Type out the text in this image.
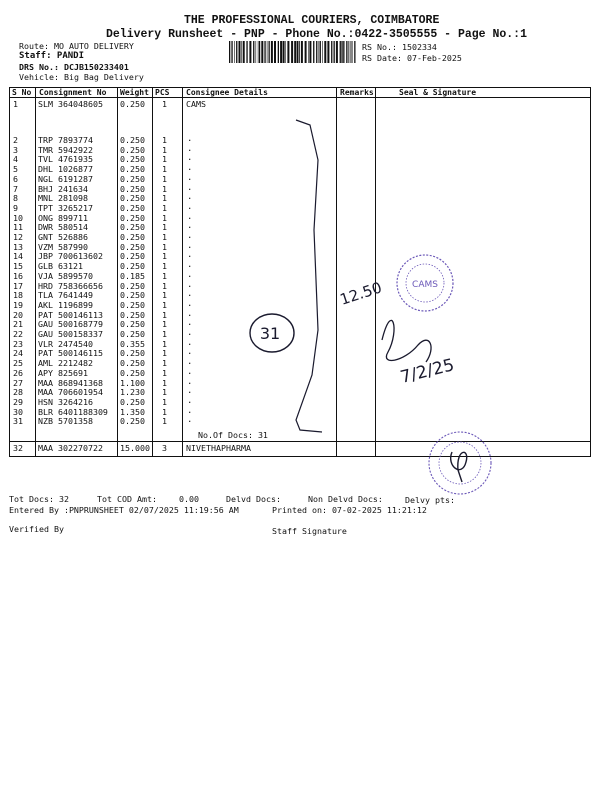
THE PROFESSIONAL COURIERS, COIMBATORE
Delivery Runsheet - PNP - Phone No.:0422-3505555 - Page No.:1
Route: MO AUTO DELIVERY
Staff: PANDI
DRS No.: DCJB150233401
Vehicle: Big Bag Delivery
RS No.: 1502334
RS Date: 07-Feb-2025
S No Consignment No Weight PCS Consignee Details	Remarks	Seal & Signature
1 SLM 364048605 0.250 1 CAMS
2 TRP 7893774	0.250 1 .
3 TMR 5942922	0.250 1 .
4 TVL 4761935	0.250 1 .
5 DHL 1026877	0.250 1 .
6 NGL 6191287	0.250 1 .
7 BHJ 241634	0.250 1 .
8 MNL 281098	0.250 1 .
9 TPT 3265217	0.250 1 .
10 ONG 899711	0.250 1 .
11 DWR 580514	0.250 1 .
12 GNT 526886	0.250 1 .
13 VZM 587990	0.250 1 .
14 JBP 700613602 0.250 1 .
15 GLB 63121	0.250 1 .
16 VJA 5899570	0.185 1 .
17 HRD 758366656 0.250 1 .
18 TLA 7641449	0.250 1 .
19 AKL 1196899	0.250 1 .
20 PAT 500146113 0.250 1 .
21 GAU 500168779 0.250 1 .
22 GAU 500158337 0.250 1 .
23 VLR 2474540	0.355 1 .
24 PAT 500146115 0.250 1 .
25 AML 2212482	0.250 1 .
26 APY 825691	0.250 1 .
27 MAA 868941368 1.100 1 .
28 MAA 706601954 1.230 1 .
29 HSN 3264216	0.250 1 .
30 BLR 6401188309 1.350 1 .
31 NZB 5701358	0.250 1 .
No.Of Docs: 31
32 MAA 302270722 15.000 3 NIVETHAPHARMA
31
12.50
7/2/25
CAMS
Tot Docs: 32	Tot COD Amt:	0.00	Delvd Docs:	Non Delvd Docs:	Delvy pts:
Entered By :PNPRUNSHEET 02/07/2025 11:19:56 AM	Printed on: 07-02-2025 11:21:12
Verified By	Staff Signature
